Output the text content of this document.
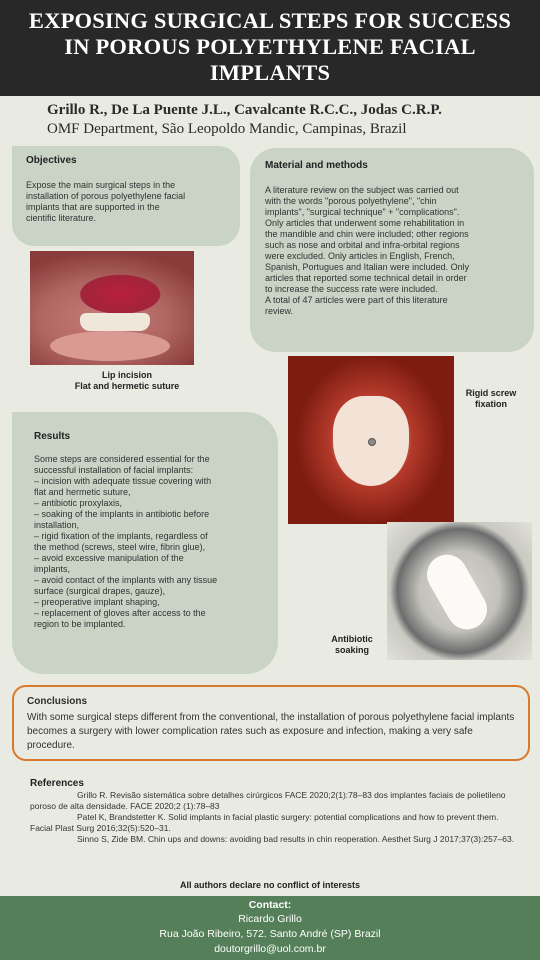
EXPOSING SURGICAL STEPS FOR SUCCESS
IN POROUS POLYETHYLENE FACIAL
IMPLANTS
Grillo R., De La Puente J.L., Cavalcante R.C.C., Jodas C.R.P.
OMF Department, São Leopoldo Mandic, Campinas, Brazil
Objectives

Expose the main surgical steps in the
installation of porous polyethylene facial
implants that are supported in the
cientific literature.

Material and methods

A literature review on the subject was carried out
with the words "porous polyethylene", "chin
implants", "surgical technique" + "complications".
Only articles that underwent some rehabilitation in
the mandible and chin were included; other regions
such as nose and orbital and infra-orbital regions
were excluded. Only articles in English, French,
Spanish, Portugues and Italian were included. Only
articles that reported some technical detail in order
to increase the success rate were included.
A total of 47 articles were part of this literature
review.

Lip incision
Flat and hermetic suture
Rigid screw
fixation
Results

Some steps are considered essential for the
successful installation of facial implants:
– incision with adequate tissue covering with
flat and hermetic suture,
– antibiotic proxylaxis,
– soaking of the implants in antibiotic before
installation,
– rigid fixation of the implants, regardless of
the method (screws, steel wire, fibrin glue),
– avoid excessive manipulation of the
implants,
– avoid contact of the implants with any tissue
surface (surgical drapes, gauze),
– preoperative implant shaping,
– replacement of gloves after access to the
region to be implanted.

Antibiotic
soaking
Conclusions

With some surgical steps different from the conventional, the installation of porous polyethylene facial implants becomes a surgery with lower complication rates such as exposure and infection, making a very safe procedure.

References
Grillo R. Revisão sistemática sobre detalhes cirúrgicos FACE 2020;2(1):78–83 dos implantes faciais de polietileno poroso de alta densidade. FACE 2020;2 (1):78–83
Patel K, Brandstetter K. Solid implants in facial plastic surgery: potential complications and how to prevent them. Facial Plast Surg 2016;32(5):520–31.
Sinno S, Zide BM. Chin ups and downs: avoiding bad results in chin reoperation. Aesthet Surg J 2017;37(3):257–63.
All authors declare no conflict of interests
Contact:
Ricardo Grillo
Rua João Ribeiro, 572. Santo André (SP) Brazil
doutorgrillo@uol.com.br
